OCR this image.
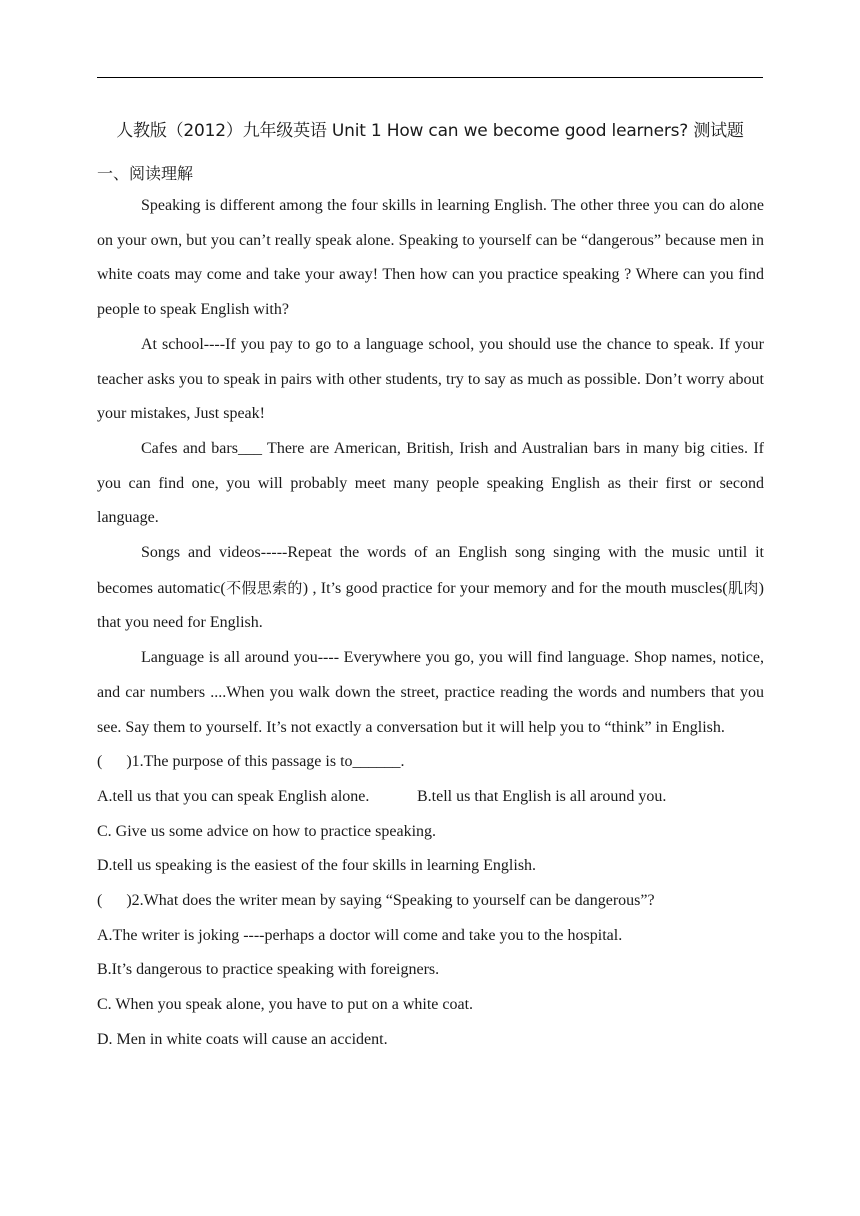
人教版（2012）九年级英语 Unit 1 How can we become good learners? 测试题
一、阅读理解

Speaking is different among the four skills in learning English. The other three you can do alone on your own, but you can’t really speak alone. Speaking to yourself can be “dangerous” because men in white coats may come and take your away! Then how can you practice speaking ? Where can you find people to speak English with?

At school----If you pay to go to a language school, you should use the chance to speak. If your teacher asks you to speak in pairs with other students, try to say as much as possible. Don’t worry about your mistakes, Just speak!

Cafes and bars___ There are American, British, Irish and Australian bars in many big cities. If you can find one, you will probably meet many people speaking English as their first or second language.

Songs and videos-----Repeat the words of an English song singing with the music until it becomes automatic(不假思索的) , It’s good practice for your memory and for the mouth muscles(肌肉) that you need for English.

Language is all around you---- Everywhere you go, you will find language. Shop names, notice, and car numbers ....When you walk down the street, practice reading the words and numbers that you see. Say them to yourself. It’s not exactly a conversation but it will help you to “think” in English.

(      )1.The purpose of this passage is to______.

A.tell us that you can speak English alone.	B.tell us that English is all around you.

C. Give us some advice on how to practice speaking.

D.tell us speaking is the easiest of the four skills in learning English.

(      )2.What does the writer mean by saying “Speaking to yourself can be dangerous”?

A.The writer is joking ----perhaps a doctor will come and take you to the hospital.

B.It’s dangerous to practice speaking with foreigners.

C. When you speak alone, you have to put on a white coat.

D. Men in white coats will cause an accident.
